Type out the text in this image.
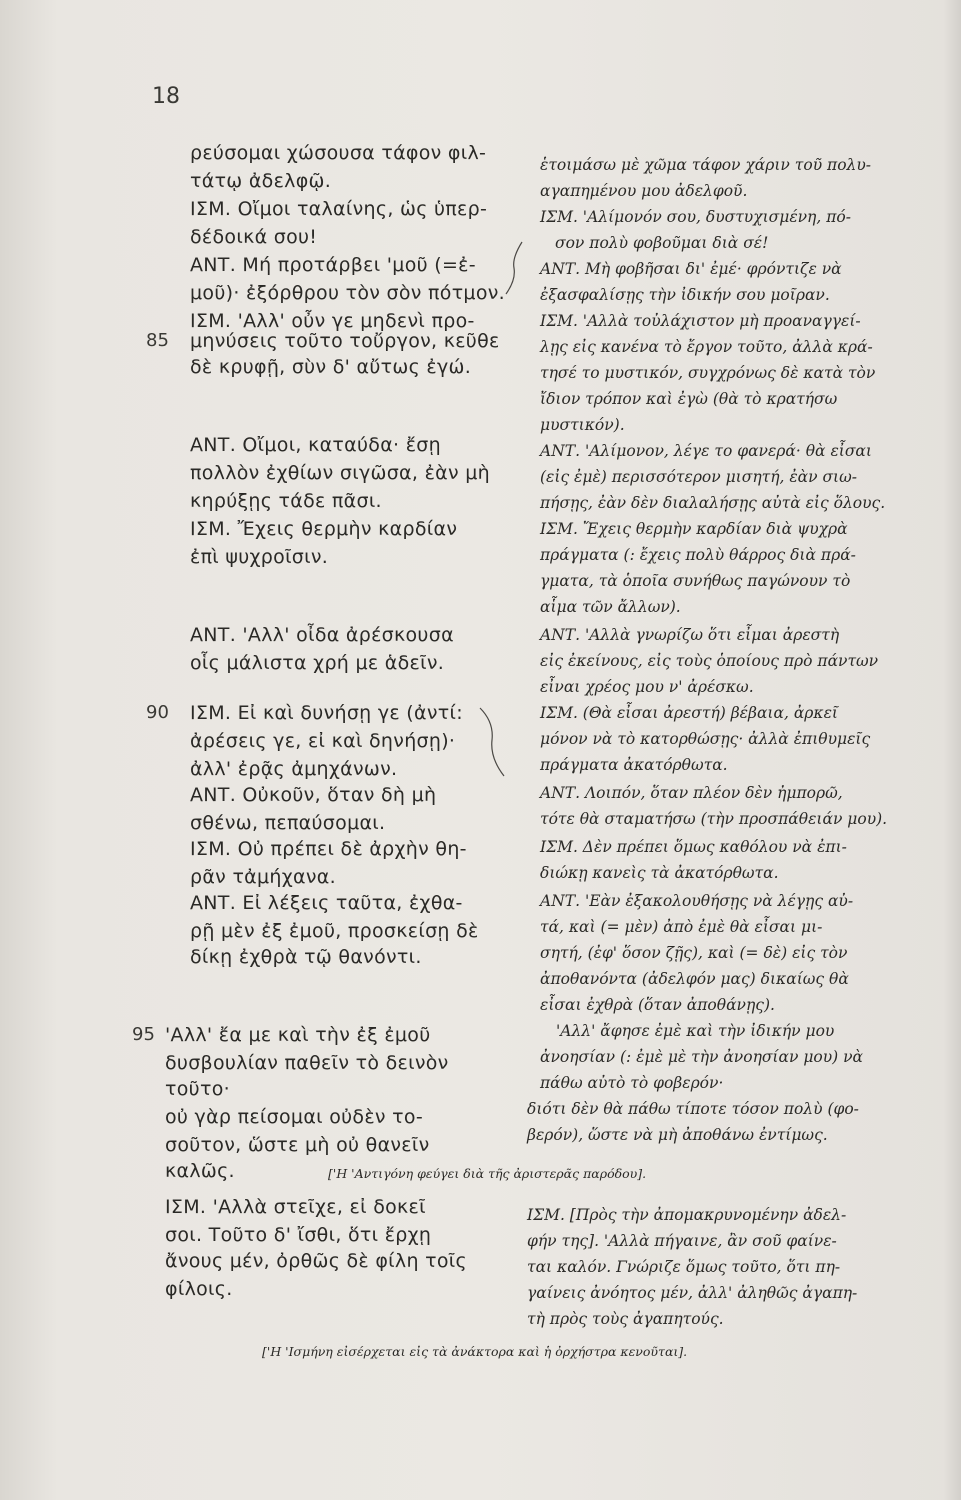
18
ρεύσομαι χώσουσα τάφον φιλ-
τάτῳ ἀδελφῷ.
ΙΣΜ. Οἴμοι ταλαίνης, ὡς ὑπερ-
δέδοικά σου!
ΑΝΤ. Μή προτάρβει 'μοῦ (=ἐ-
μοῦ)· ἐξόρθρου τὸν σὸν πότμον.
ΙΣΜ. 'Αλλ' οὖν γε μηδενὶ προ-
85 μηνύσεις τοῦτο τοὔργον, κεῦθε
δὲ κρυφῇ, σὺν δ' αὔτως ἐγώ.
ΑΝΤ. Οἴμοι, καταύδα· ἔσῃ
πολλὸν ἐχθίων σιγῶσα, ἐὰν μὴ
κηρύξῃς τάδε πᾶσι.
ΙΣΜ. Ἔχεις θερμὴν καρδίαν
ἐπὶ ψυχροῖσιν.
ΑΝΤ. 'Αλλ' οἶδα ἀρέσκουσα
οἷς μάλιστα χρή με ἁδεῖν.
90 ΙΣΜ. Εἰ καὶ δυνήσῃ γε (ἀντί:
ἀρέσεις γε, εἰ καὶ δηνήσῃ)·
ἀλλ' ἐρᾷς ἀμηχάνων.
ΑΝΤ. Οὐκοῦν, ὅταν δὴ μὴ
σθένω, πεπαύσομαι.
ΙΣΜ. Οὐ πρέπει δὲ ἀρχὴν θη-
ρᾶν τἀμήχανα.
ΑΝΤ. Εἰ λέξεις ταῦτα, ἐχθα-
ρῇ μὲν ἐξ ἐμοῦ, προσκείσῃ δὲ
δίκῃ ἐχθρὰ τῷ θανόντι.
95 'Αλλ' ἔα με καὶ τὴν ἐξ ἐμοῦ
δυσβουλίαν παθεῖν τὸ δεινὸν
τοῦτο·
οὐ γὰρ πείσομαι οὐδὲν το-
σοῦτον, ὥστε μὴ οὐ θανεῖν
καλῶς.
ΙΣΜ. 'Αλλὰ στεῖχε, εἰ δοκεῖ
σοι. Τοῦτο δ' ἴσθι, ὅτι ἔρχῃ
ἄνους μέν, ὀρθῶς δὲ φίλη τοῖς
φίλοις.
ἑτοιμάσω μὲ χῶμα τάφον χάριν τοῦ πολυ-
αγαπημένου μου ἀδελφοῦ.
ΙΣΜ. 'Αλίμονόν σου, δυστυχισμένη, πό-
σον πολὺ φοβοῦμαι διὰ σέ!
ΑΝΤ. Μὴ φοβῆσαι δι' ἐμέ· φρόντιζε νὰ
ἐξασφαλίσῃς τὴν ἰδικήν σου μοῖραν.
ΙΣΜ. 'Αλλὰ τοὐλάχιστον μὴ προαναγγεί-
λῃς εἰς κανένα τὸ ἔργον τοῦτο, ἀλλὰ κρά-
τησέ το μυστικόν, συγχρόνως δὲ κατὰ τὸν
ἴδιον τρόπον καὶ ἐγὼ (θὰ τὸ κρατήσω
μυστικόν).
ΑΝΤ. 'Αλίμονον, λέγε το φανερά· θὰ εἶσαι
(εἰς ἐμὲ) περισσότερον μισητή, ἐὰν σιω-
πήσῃς, ἐὰν δὲν διαλαλήσῃς αὐτὰ εἰς ὅλους.
ΙΣΜ. Ἔχεις θερμὴν καρδίαν διὰ ψυχρὰ
πράγματα (: ἔχεις πολὺ θάρρος διὰ πρά-
γματα, τὰ ὁποῖα συνήθως παγώνουν τὸ
αἷμα τῶν ἄλλων).
ΑΝΤ. 'Αλλὰ γνωρίζω ὅτι εἶμαι ἀρεστὴ
εἰς ἐκείνους, εἰς τοὺς ὁποίους πρὸ πάντων
εἶναι χρέος μου ν' ἀρέσκω.
ΙΣΜ. (Θὰ εἶσαι ἀρεστή) βέβαια, ἀρκεῖ
μόνον νὰ τὸ κατορθώσῃς· ἀλλὰ ἐπιθυμεῖς
πράγματα ἀκατόρθωτα.
ΑΝΤ. Λοιπόν, ὅταν πλέον δὲν ἠμπορῶ,
τότε θὰ σταματήσω (τὴν προσπάθειάν μου).
ΙΣΜ. Δὲν πρέπει ὅμως καθόλου νὰ ἐπι-
διώκῃ κανεὶς τὰ ἀκατόρθωτα.
ΑΝΤ. 'Εὰν ἐξακολουθήσῃς νὰ λέγῃς αὐ-
τά, καὶ (= μὲν) ἀπὸ ἐμὲ θὰ εἶσαι μι-
σητή, (ἐφ' ὅσον ζῇς), καὶ (= δὲ) εἰς τὸν
ἀποθανόντα (ἀδελφόν μας) δικαίως θὰ
εἶσαι ἐχθρὰ (ὅταν ἀποθάνῃς).
'Αλλ' ἄφησε ἐμὲ καὶ τὴν ἰδικήν μου
ἀνοησίαν (: ἐμὲ μὲ τὴν ἀνοησίαν μου) νὰ
πάθω αὐτὸ τὸ φοβερόν·
διότι δὲν θὰ πάθω τίποτε τόσον πολὺ (φο-
βερόν), ὥστε νὰ μὴ ἀποθάνω ἐντίμως.
ΙΣΜ. [Πρὸς τὴν ἀπομακρυνομένην ἀδελ-
φήν της]. 'Αλλὰ πήγαινε, ἂν σοῦ φαίνε-
ται καλόν. Γνώριζε ὅμως τοῦτο, ὅτι πη-
γαίνεις ἀνόητος μέν, ἀλλ' ἀληθῶς ἀγαπη-
τὴ πρὸς τοὺς ἀγαπητούς.
['Η 'Αντιγόνη φεύγει διὰ τῆς ἀριστερᾶς παρόδου].
['Η 'Ισμήνη εἰσέρχεται εἰς τὰ ἀνάκτορα καὶ ἡ ὀρχήστρα κενοῦται].
